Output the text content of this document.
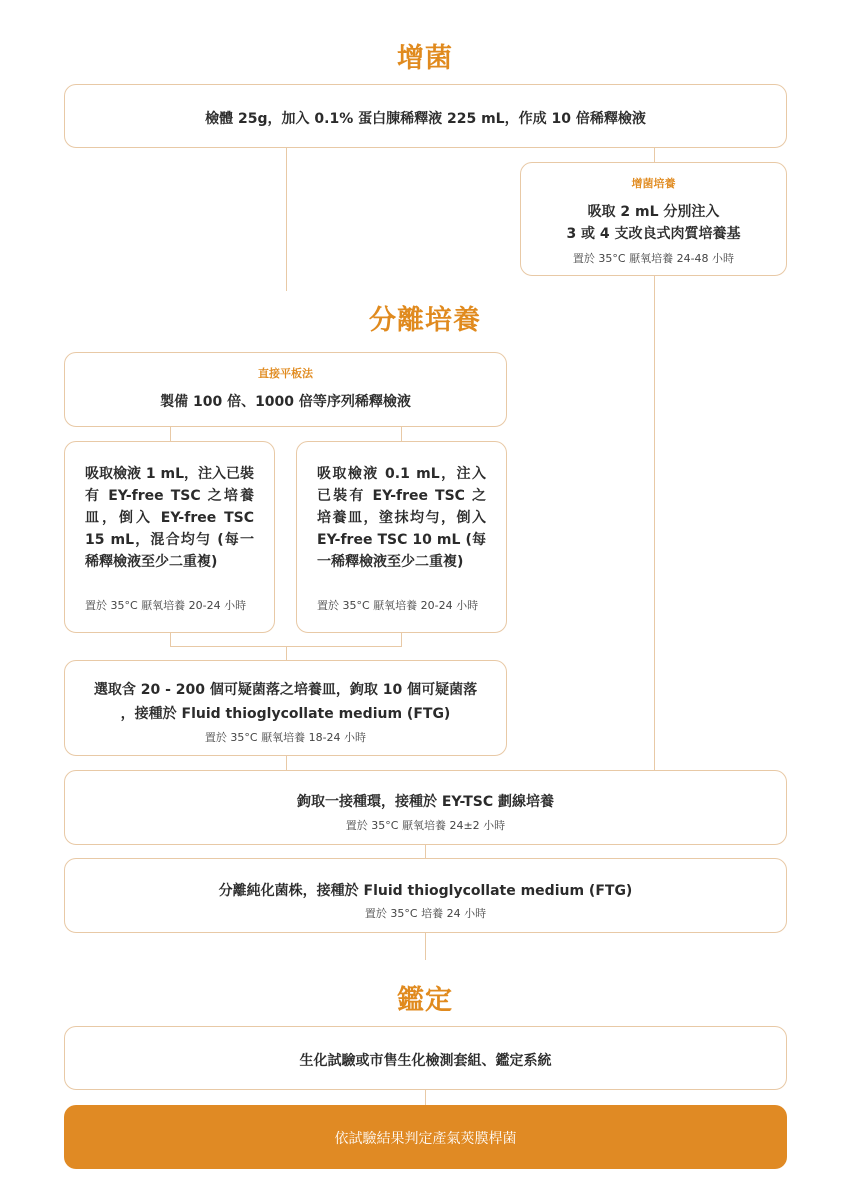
增菌
檢體 25g，加入 0.1% 蛋白腖稀釋液 225 mL，作成 10 倍稀釋檢液
增菌培養
吸取 2 mL 分別注入
3 或 4 支改良式肉質培養基
置於 35°C 厭氧培養 24-48 小時
分離培養
直接平板法
製備 100 倍、1000 倍等序列稀釋檢液
吸取檢液 1 mL，注入已裝有 EY-free TSC 之培養皿，倒入 EY-free TSC 15 mL，混合均勻 (每一稀釋檢液至少二重複)
置於 35°C 厭氧培養 20-24 小時
吸取檢液 0.1 mL，注入已裝有 EY-free TSC 之培養皿，塗抹均勻，倒入 EY-free TSC 10 mL (每一稀釋檢液至少二重複)
置於 35°C 厭氧培養 20-24 小時
選取含 20 - 200 個可疑菌落之培養皿，鉤取 10 個可疑菌落
，接種於 Fluid thioglycollate medium (FTG)
置於 35°C 厭氧培養 18-24 小時
鉤取一接種環，接種於 EY-TSC 劃線培養
置於 35°C 厭氧培養 24±2 小時
分離純化菌株，接種於 Fluid thioglycollate medium (FTG)
置於 35°C 培養 24 小時
鑑定
生化試驗或市售生化檢測套組、鑑定系統
依試驗結果判定產氣莢膜桿菌
